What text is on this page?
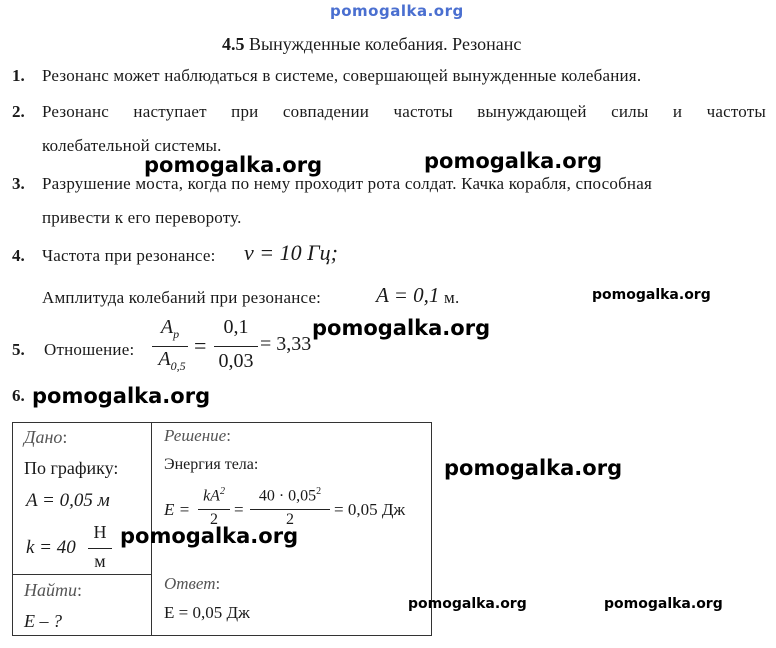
pomogalka.org
4.5 Вынужденные колебания. Резонанс
1. Резонанс может наблюдаться в системе, совершающей вынужденные колебания.
2. Резонанс наступает при совпадении частоты вынуждающей силы и частоты
колебательной системы.
3. Разрушение моста, когда по нему проходит рота солдат. Качка корабля, способная
привести к его перевороту.
4. Частота при резонансе: ν = 10 Гц;
Амплитуда колебаний при резонансе:	A = 0,1 м.
5. Отношение:
$A_р$
$A_{0,5}$
=
0,1
0,03
= 3,33
6.
Дано:
По графику:
A = 0,05 м
k = 40
Н
м
Найти:
E – ?
Решение:
Энергия тела:
E =
$kA^2$
2
=
$40 \cdot 0,05^2$
2
= 0,05 Дж
Ответ:
E = 0,05 Дж
pomogalka.org	pomogalka.org
pomogalka.org
pomogalka.org
pomogalka.org
pomogalka.org
pomogalka.org
pomogalka.org	pomogalka.org
